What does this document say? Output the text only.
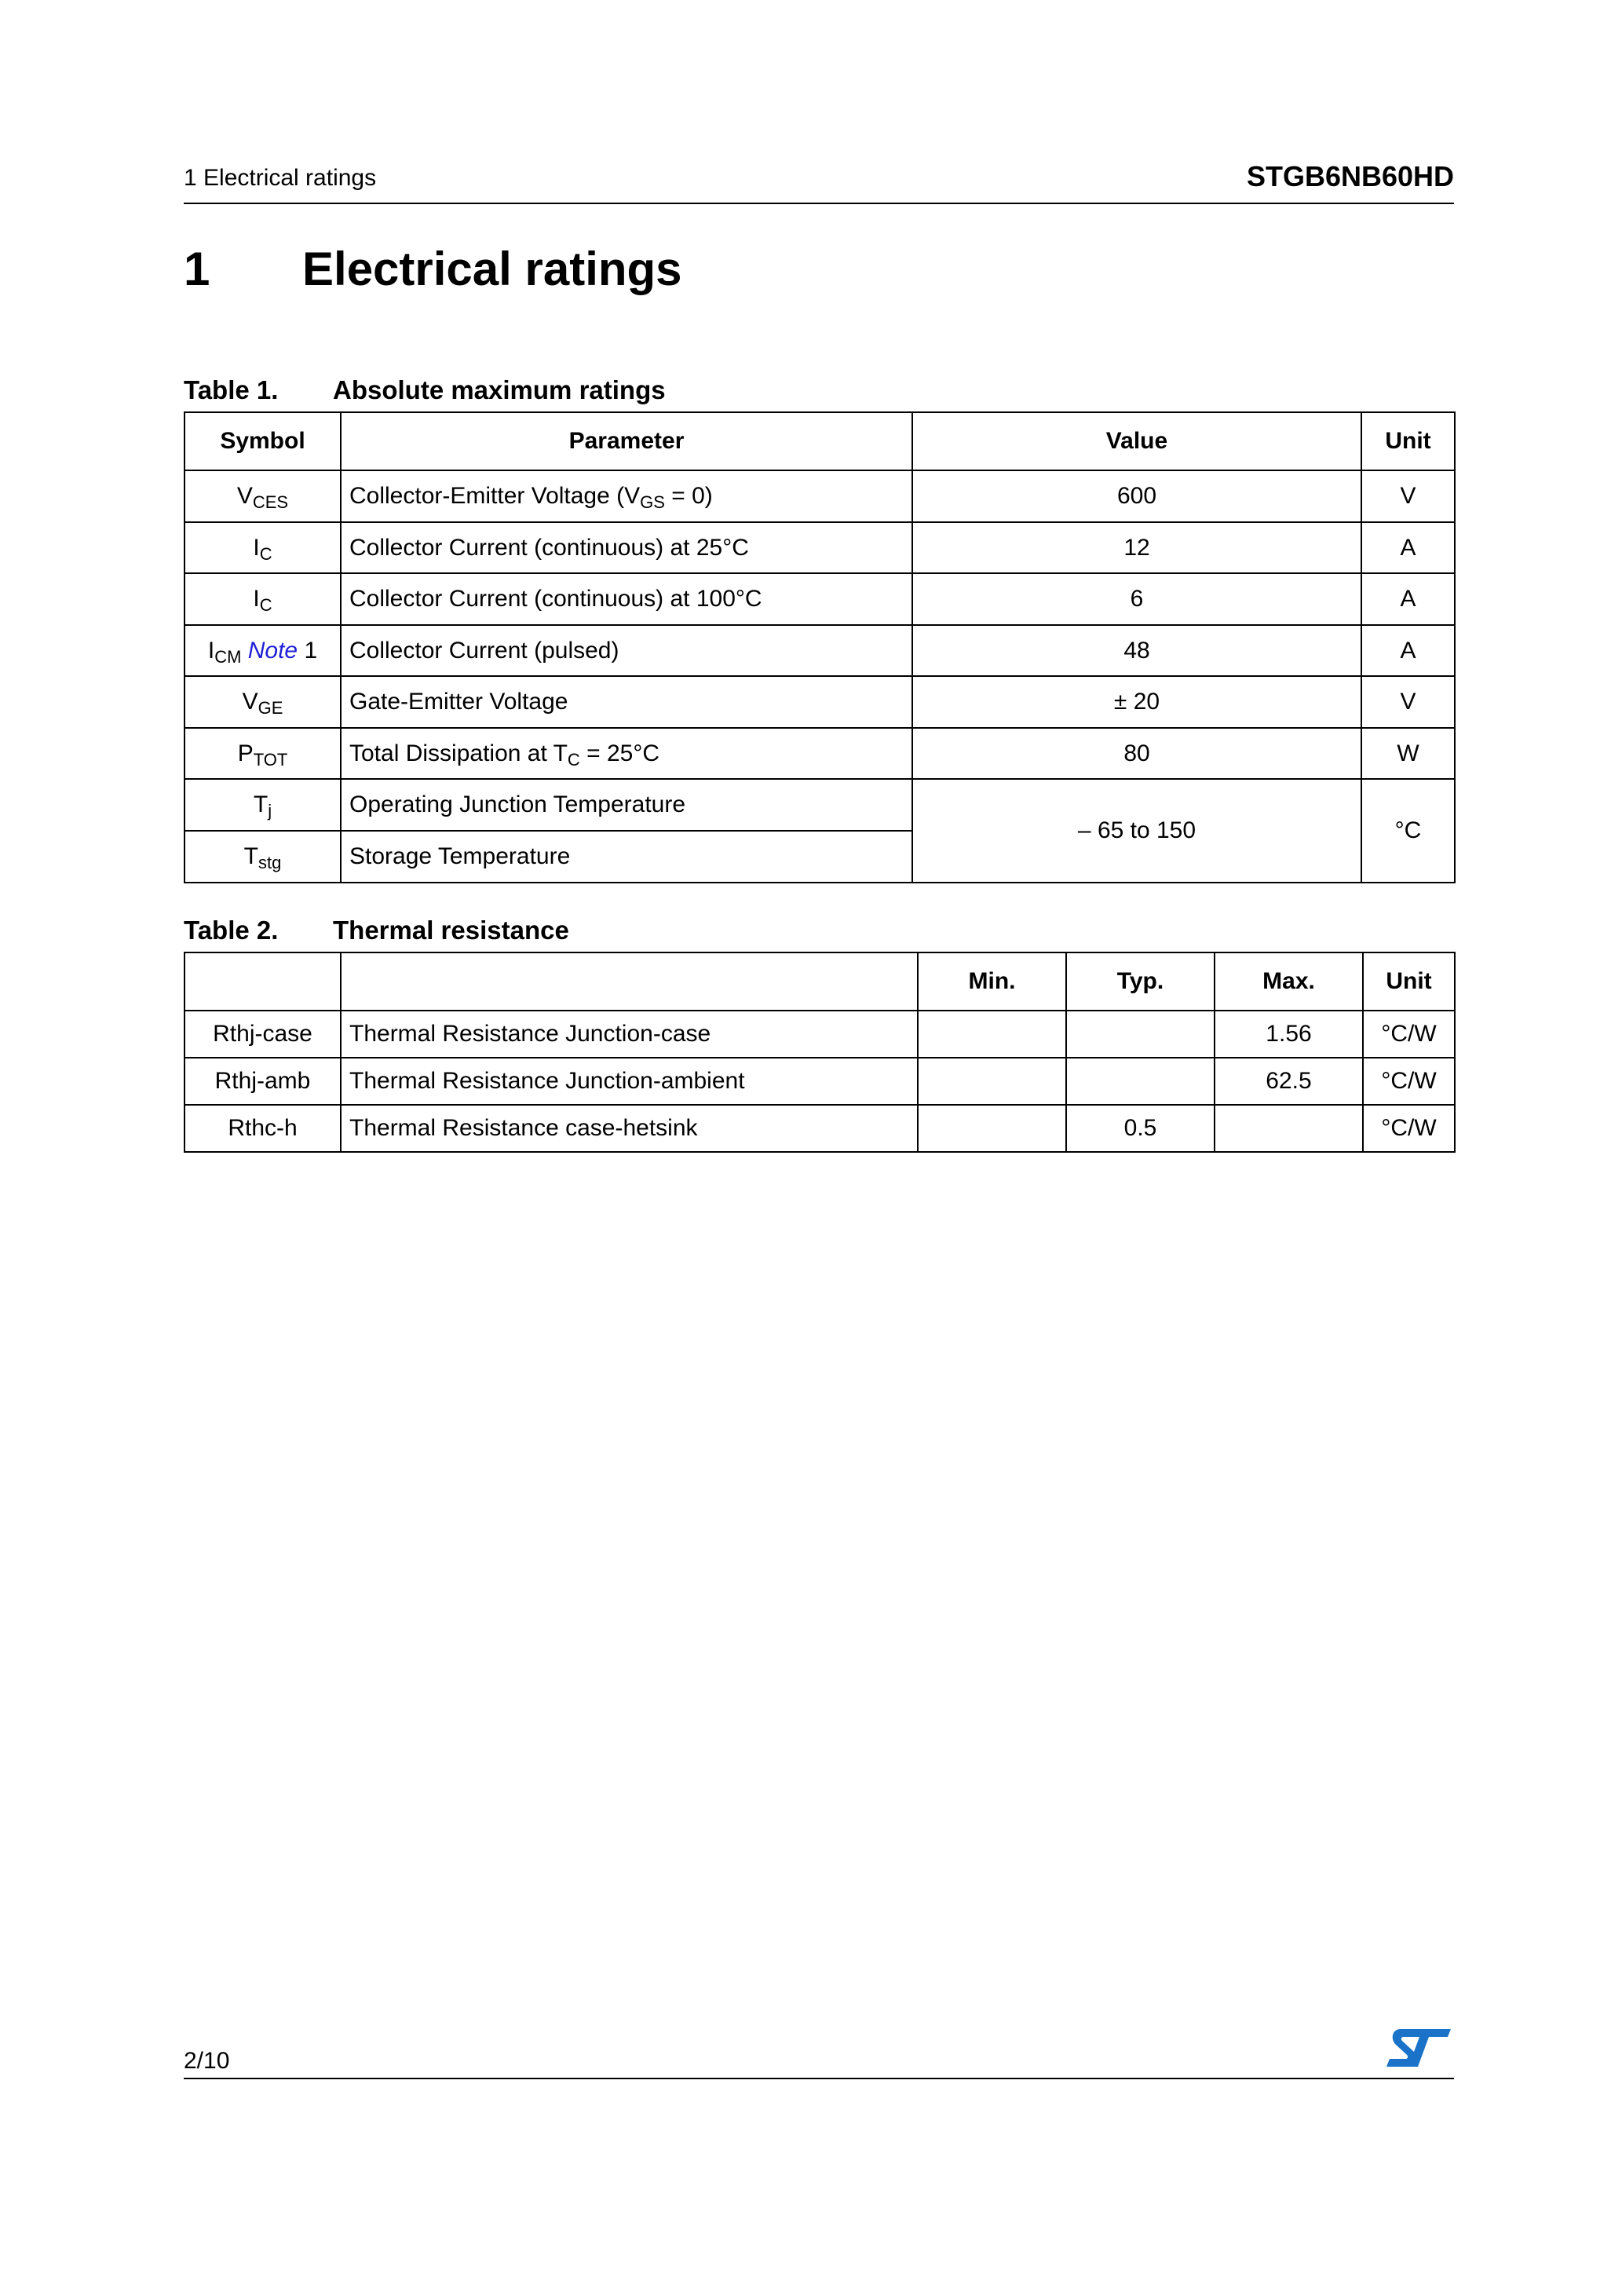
1 Electrical ratings	STGB6NB60HD
1 Electrical ratings
Table 1. Absolute maximum ratings
Symbol	Parameter	Value	Unit
$V_{CES}$	Collector-Emitter Voltage $(V_{GS} = 0)$	600	V
$I_C$	Collector Current (continuous) at 25°C	12	A
$I_C$	Collector Current (continuous) at 100°C	6	A
$I_{CM}$ Note 1	Collector Current (pulsed)	48	A
$V_{GE}$	Gate-Emitter Voltage	± 20	V
$P_{TOT}$	Total Dissipation at $T_C = 25^\circ C$	80	W
$T_j$	Operating Junction Temperature	– 65 to 150	°C
$T_{stg}$	Storage Temperature		
Table 2. Thermal resistance
		Min.	Typ.	Max.	Unit
Rthj-case	Thermal Resistance Junction-case			1.56	°C/W
Rthj-amb	Thermal Resistance Junction-ambient			62.5	°C/W
Rthc-h	Thermal Resistance case-hetsink		0.5		°C/W
2/10
